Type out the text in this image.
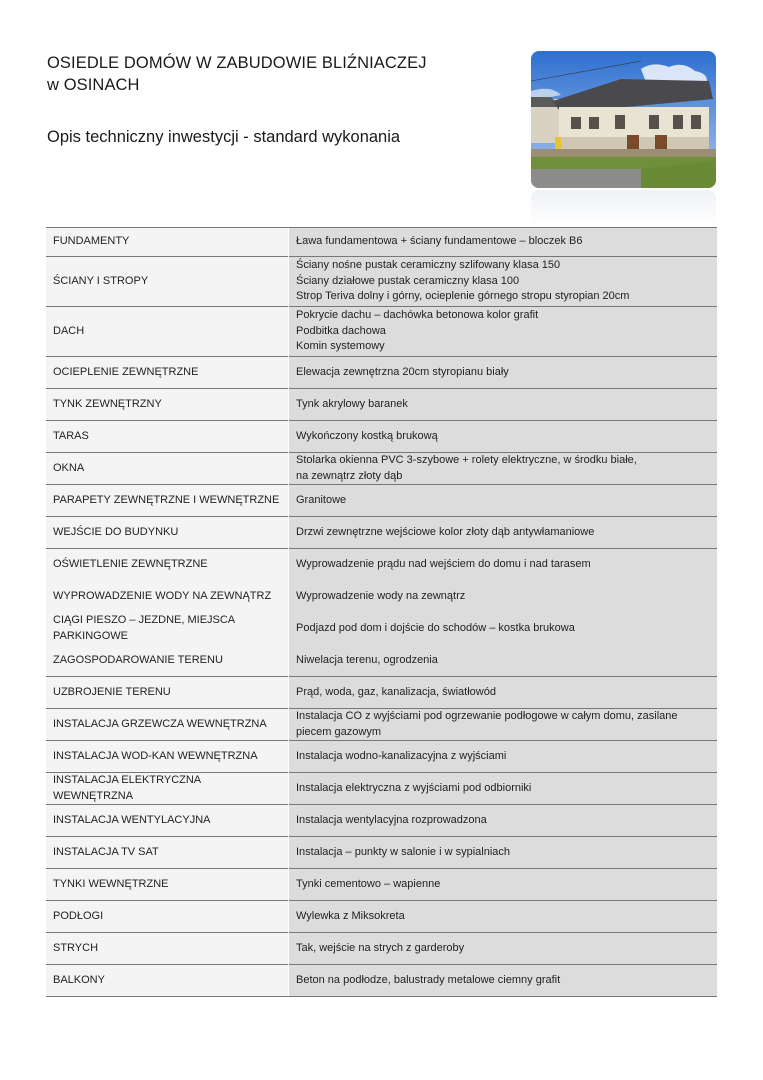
OSIEDLE DOMÓW W ZABUDOWIE BLIŹNIACZEJ
w OSINACH
Opis techniczny inwestycji - standard wykonania
FUNDAMENTY	Ława fundamentowa + ściany fundamentowe – bloczek B6

ŚCIANY I STROPY	Ściany nośne pustak ceramiczny szlifowany klasa 150
Ściany działowe pustak ceramiczny klasa 100
Strop Teriva dolny i górny, ocieplenie górnego stropu styropian 20cm

DACH	Pokrycie dachu – dachówka betonowa kolor grafit
Podbitka dachowa
Komin systemowy

OCIEPLENIE ZEWNĘTRZNE	Elewacja zewnętrzna 20cm styropianu biały

TYNK ZEWNĘTRZNY	Tynk akrylowy baranek

TARAS	Wykończony kostką brukową

OKNA	Stolarka okienna PVC 3-szybowe + rolety elektryczne, w środku białe,
na zewnątrz złoty dąb

PARAPETY ZEWNĘTRZNE I WEWNĘTRZNE	Granitowe

WEJŚCIE DO BUDYNKU	Drzwi zewnętrzne wejściowe kolor złoty dąb antywłamaniowe

OŚWIETLENIE ZEWNĘTRZNE	Wyprowadzenie prądu nad wejściem do domu i nad tarasem

WYPROWADZENIE WODY NA ZEWNĄTRZ	Wyprowadzenie wody na zewnątrz

CIĄGI PIESZO – JEZDNE, MIEJSCA PARKINGOWE	Podjazd pod dom i dojście do schodów – kostka brukowa

ZAGOSPODAROWANIE TERENU	Niwelacja terenu, ogrodzenia

UZBROJENIE TERENU	Prąd, woda, gaz, kanalizacja, światłowód

INSTALACJA GRZEWCZA WEWNĘTRZNA	Instalacja CO z wyjściami pod ogrzewanie podłogowe w całym domu, zasilane
piecem gazowym

INSTALACJA WOD-KAN WEWNĘTRZNA	Instalacja wodno-kanalizacyjna z wyjściami

INSTALACJA ELEKTRYCZNA WEWNĘTRZNA	Instalacja elektryczna z wyjściami pod odbiorniki

INSTALACJA WENTYLACYJNA	Instalacja wentylacyjna rozprowadzona

INSTALACJA TV SAT	Instalacja – punkty w salonie i w sypialniach

TYNKI WEWNĘTRZNE	Tynki cementowo – wapienne

PODŁOGI	Wylewka z Miksokreta

STRYCH	Tak, wejście na strych z garderoby

BALKONY	Beton na podłodze, balustrady metalowe ciemny grafit
